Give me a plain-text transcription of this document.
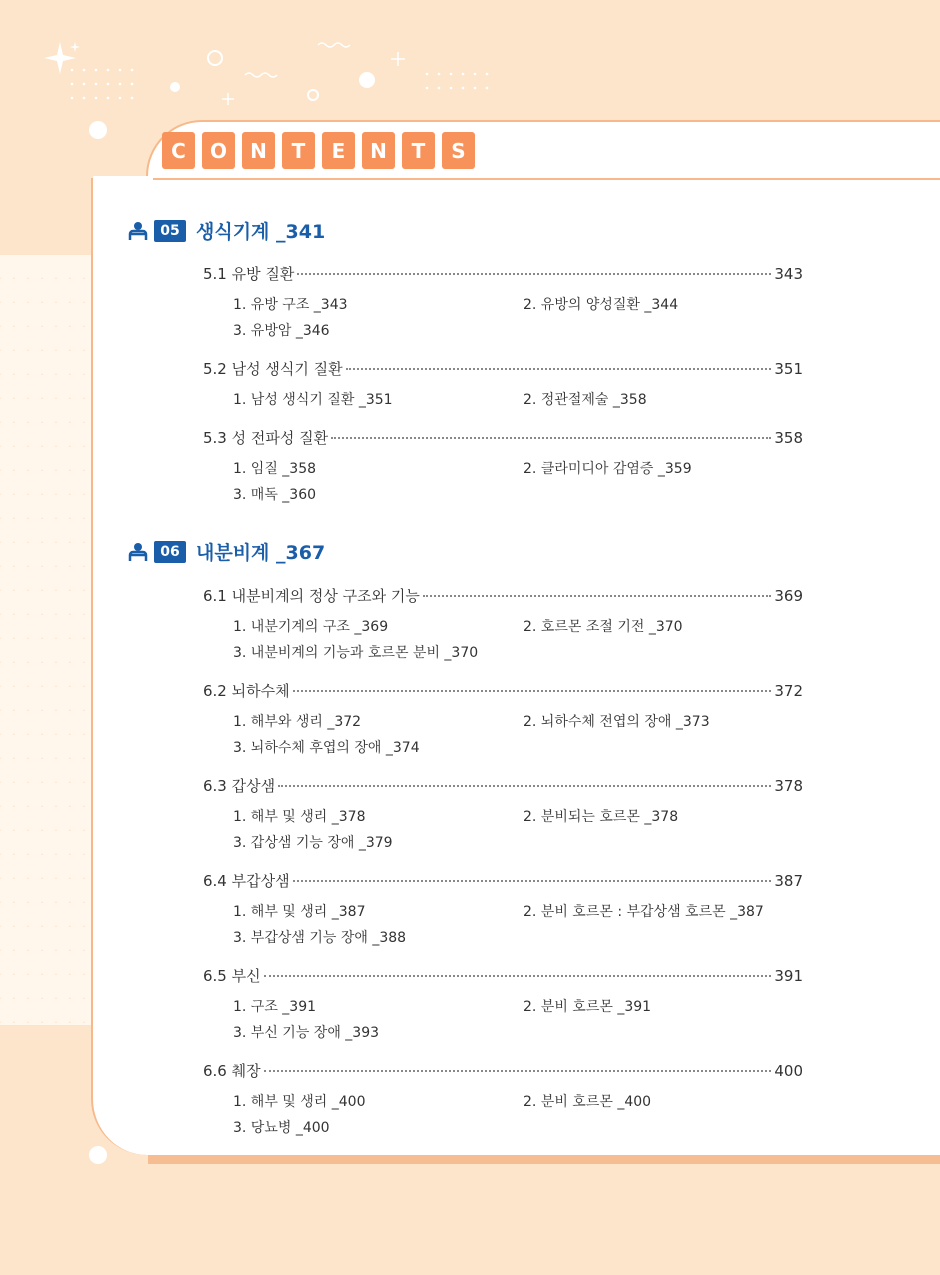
C	O	N	T	E	N	T	S
05 생식기계 _341
5.1 유방 질환	343
1. 유방 구조 _343	2. 유방의 양성질환 _344
3. 유방암 _346
5.2 남성 생식기 질환	351
1. 남성 생식기 질환 _351	2. 정관절제술 _358
5.3 성 전파성 질환	358
1. 임질 _358	2. 클라미디아 감염증 _359
3. 매독 _360
06 내분비계 _367
6.1 내분비계의 정상 구조와 기능	369
1. 내분기계의 구조 _369	2. 호르몬 조절 기전 _370
3. 내분비계의 기능과 호르몬 분비 _370
6.2 뇌하수체	372
1. 해부와 생리 _372	2. 뇌하수체 전엽의 장애 _373
3. 뇌하수체 후엽의 장애 _374
6.3 갑상샘	378
1. 해부 및 생리 _378	2. 분비되는 호르몬 _378
3. 갑상샘 기능 장애 _379
6.4 부갑상샘	387
1. 해부 및 생리 _387	2. 분비 호르몬 : 부갑상샘 호르몬 _387
3. 부갑상샘 기능 장애 _388
6.5 부신	391
1. 구조 _391	2. 분비 호르몬 _391
3. 부신 기능 장애 _393
6.6 췌장	400
1. 해부 및 생리 _400	2. 분비 호르몬 _400
3. 당뇨병 _400
